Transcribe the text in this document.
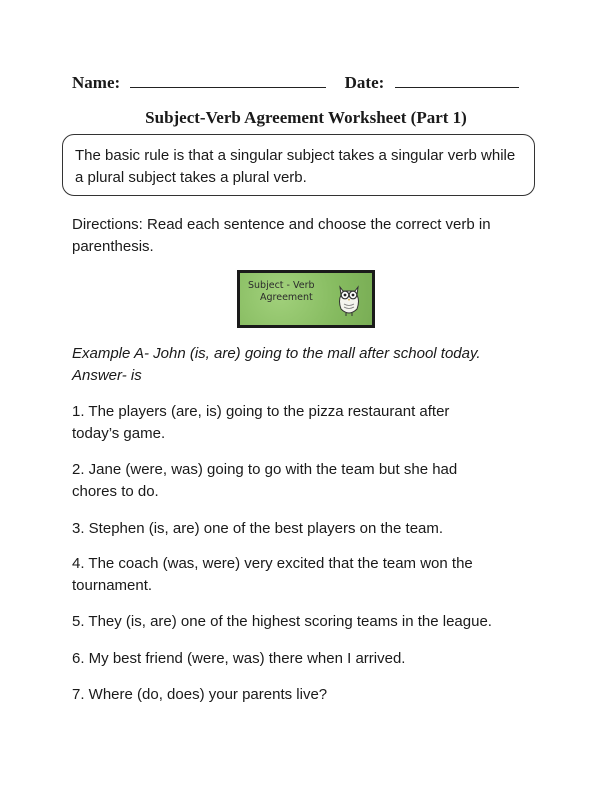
Name:	Date:
Subject-Verb Agreement Worksheet (Part 1)
The basic rule is that a singular subject takes a singular verb while
a plural subject takes a plural verb.
Directions: Read each sentence and choose the correct verb in
parenthesis.
Subject - Verb
Agreement
Example A- John (is, are) going to the mall after school today.
Answer- is
1. The players (are, is) going to the pizza restaurant after
today’s game.
2. Jane (were, was) going to go with the team but she had
chores to do.
3. Stephen (is, are) one of the best players on the team.
4. The coach (was, were) very excited that the team won the
tournament.
5. They (is, are) one of the highest scoring teams in the league.
6. My best friend (were, was) there when I arrived.
7. Where (do, does) your parents live?
